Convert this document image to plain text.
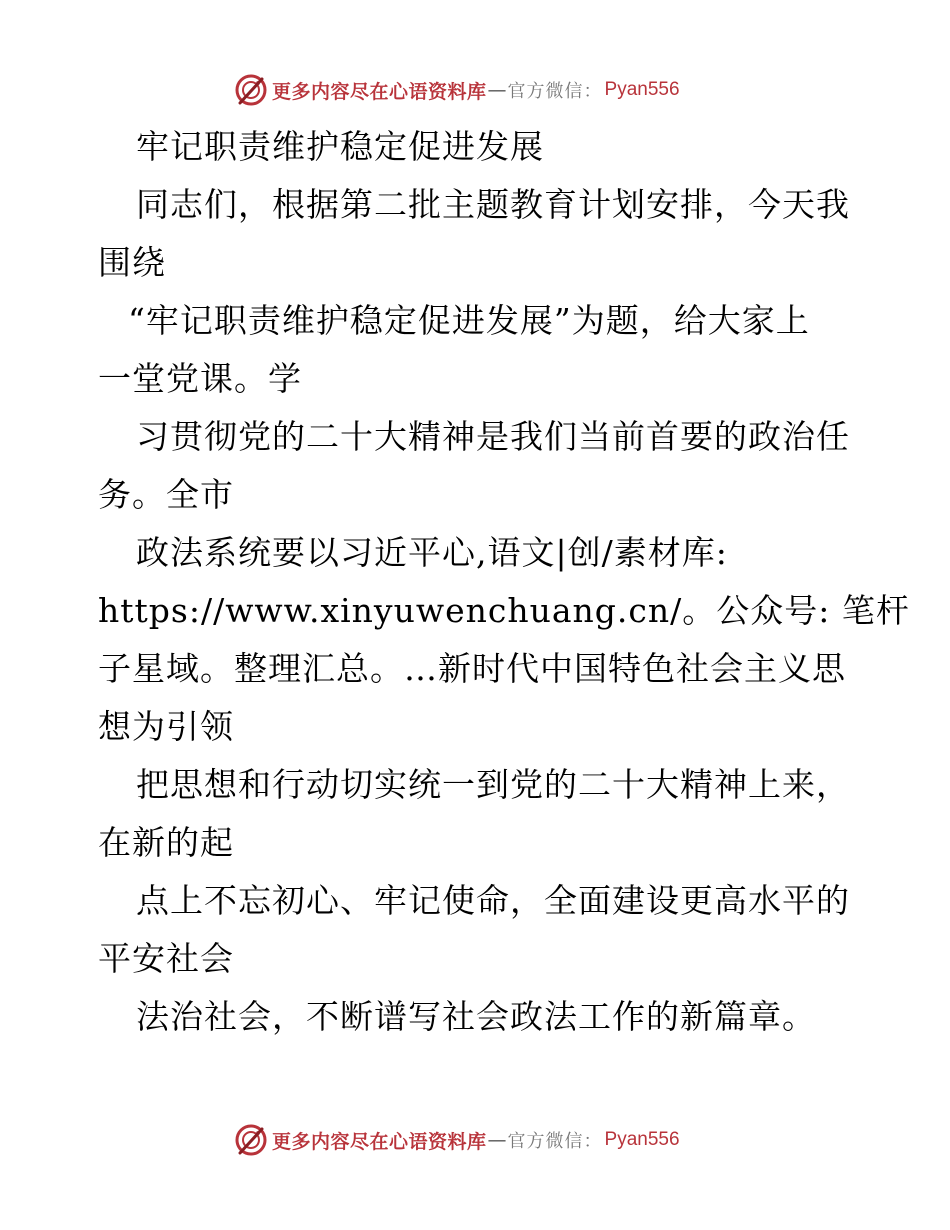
更多内容尽在心语资料库 — 官方微信： Pyan556
牢记职责维护稳定促进发展
同志们，根据第二批主题教育计划安排，今天我
围绕
“牢记职责维护稳定促进发展”为题，给大家上
一堂党课。学
习贯彻党的二十大精神是我们当前首要的政治任
务。全市
政法系统要以习近平心,语文|创/素材库:
https://www.xinyuwenchuang.cn/。公众号: 笔杆
子星域。整理汇总。…新时代中国特色社会主义思
想为引领
把思想和行动切实统一到党的二十大精神上来，
在新的起
点上不忘初心、牢记使命，全面建设更高水平的
平安社会
法治社会，不断谱写社会政法工作的新篇章。
更多内容尽在心语资料库 — 官方微信： Pyan556
